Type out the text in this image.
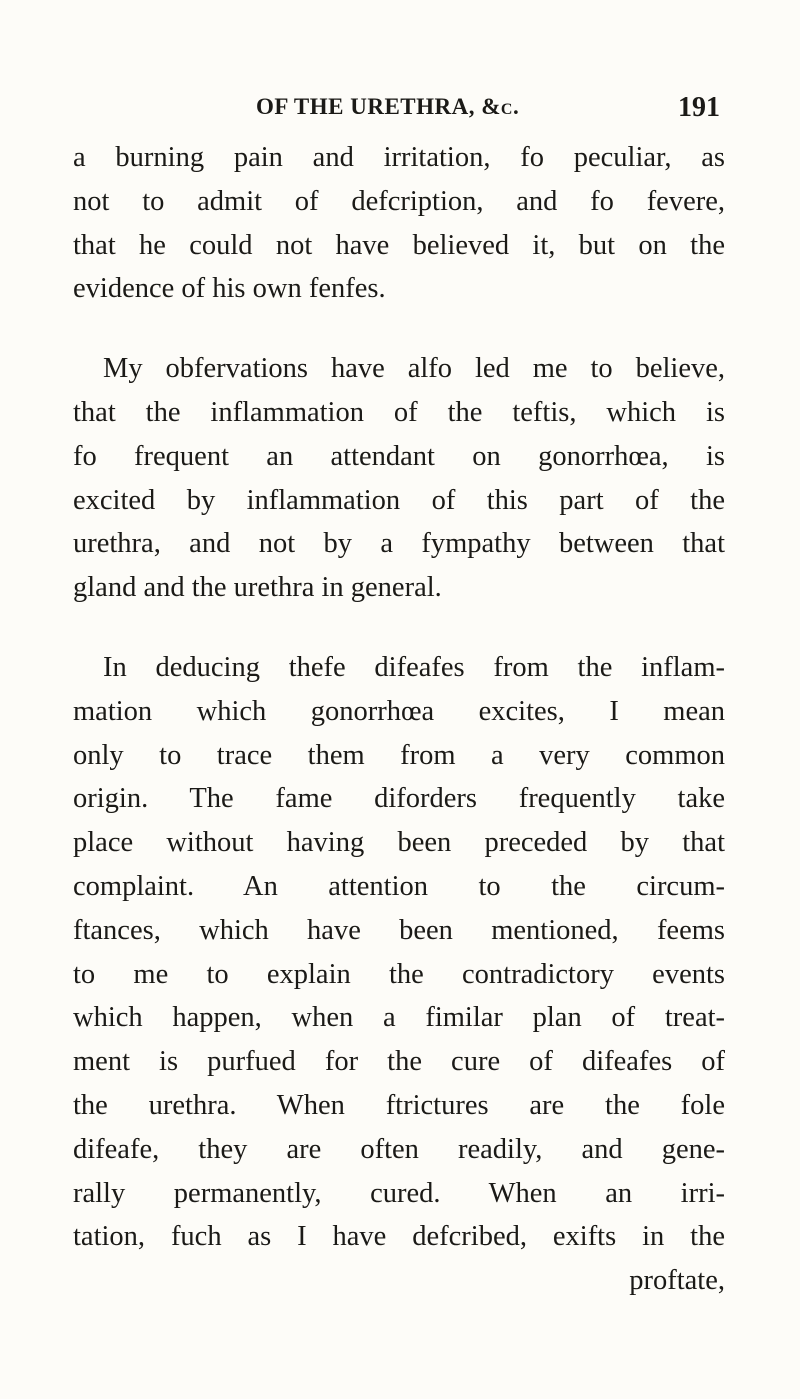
OF THE URETHRA, &c.	191
a burning pain and irritation, fo peculiar, as
not to admit of defcription, and fo fevere,
that he could not have believed it, but on the
evidence of his own fenfes.
My obfervations have alfo led me to believe,
that the inflammation of the teftis, which is
fo frequent an attendant on gonorrhœa, is
excited by inflammation of this part of the
urethra, and not by a fympathy between that
gland and the urethra in general.
In deducing thefe difeafes from the inflam-
mation which gonorrhœa excites, I mean
only to trace them from a very common
origin. The fame diforders frequently take
place without having been preceded by that
complaint. An attention to the circum-
ftances, which have been mentioned, feems
to me to explain the contradictory events
which happen, when a fimilar plan of treat-
ment is purfued for the cure of difeafes of
the urethra. When ftrictures are the fole
difeafe, they are often readily, and gene-
rally permanently, cured. When an irri-
tation, fuch as I have defcribed, exifts in the
proftate,
